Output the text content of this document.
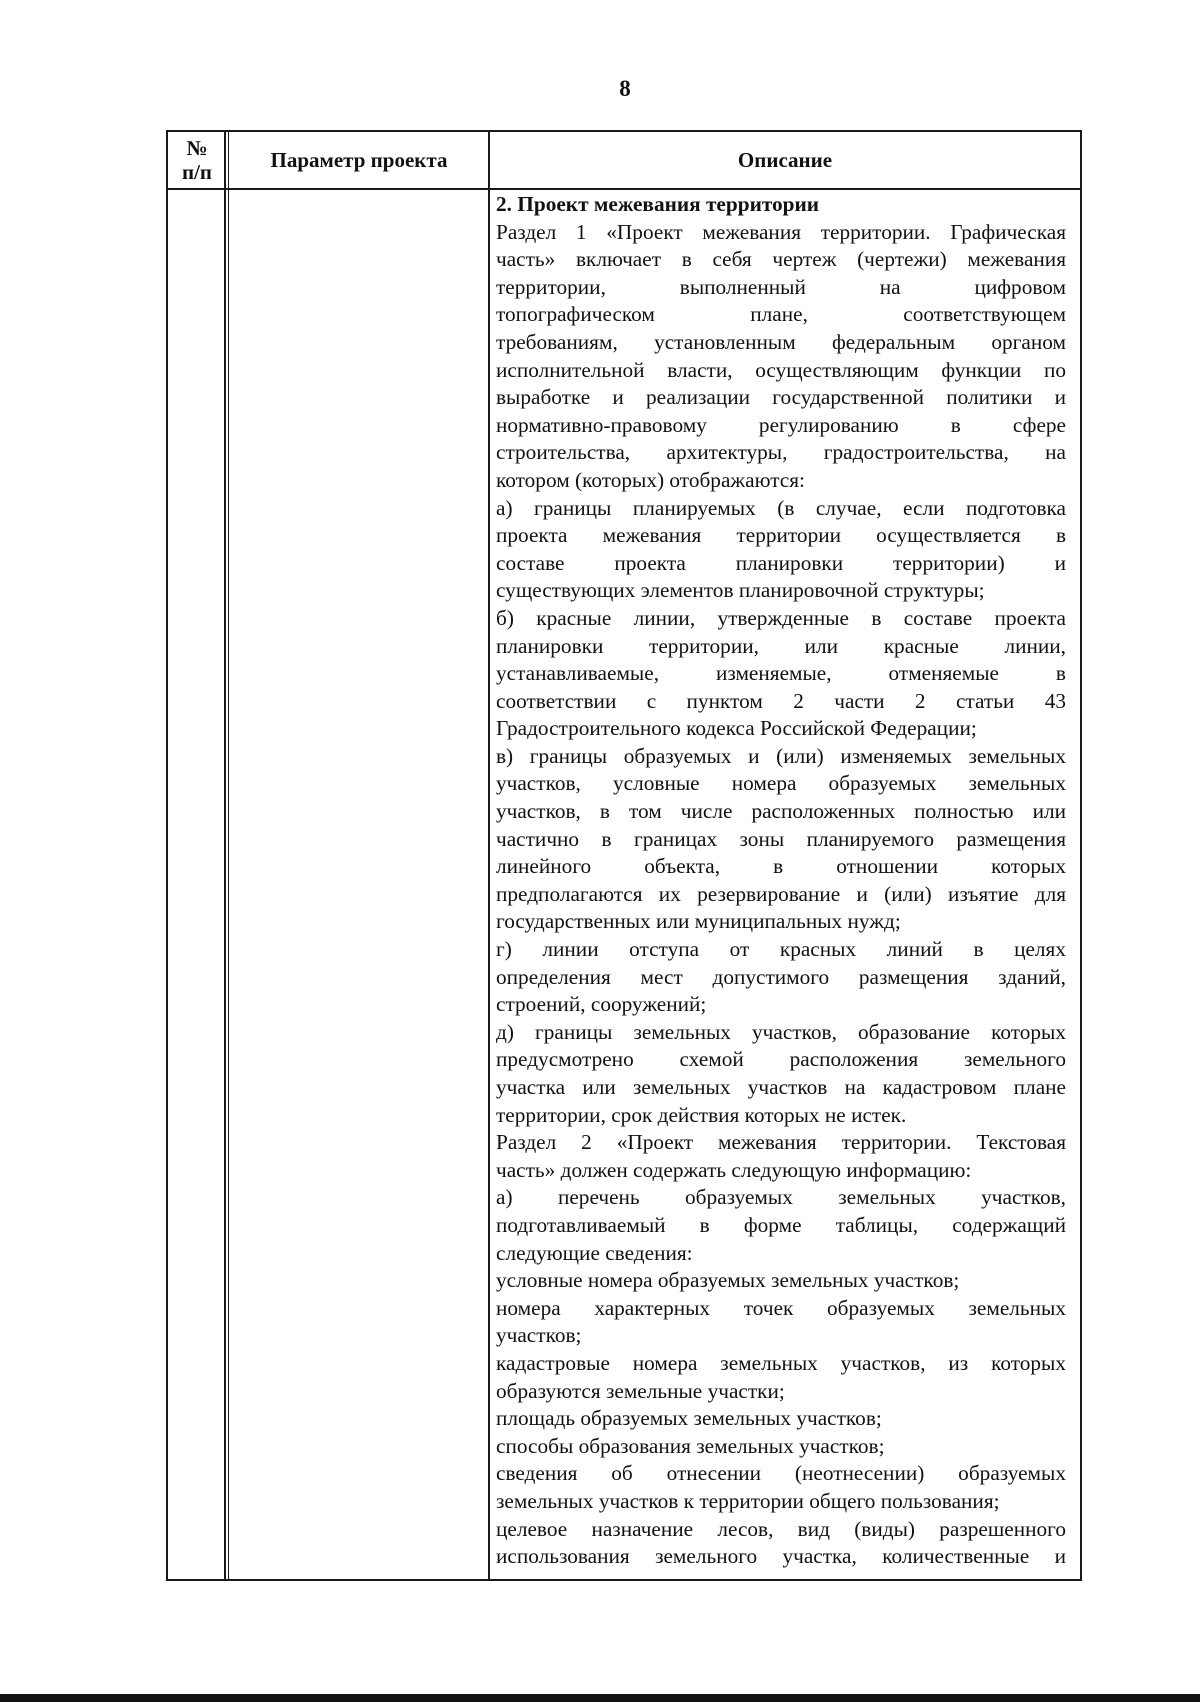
8
№
п/п	Параметр проекта	Описание
2. Проект межевания территории
Раздел 1 «Проект межевания территории. Графическая
часть» включает в себя чертеж (чертежи) межевания
территории, выполненный на цифровом
топографическом плане, соответствующем
требованиям, установленным федеральным органом
исполнительной власти, осуществляющим функции по
выработке и реализации государственной политики и
нормативно-правовому регулированию в сфере
строительства, архитектуры, градостроительства, на
котором (которых) отображаются:
а) границы планируемых (в случае, если подготовка
проекта межевания территории осуществляется в
составе проекта планировки территории) и
существующих элементов планировочной структуры;
б) красные линии, утвержденные в составе проекта
планировки территории, или красные линии,
устанавливаемые, изменяемые, отменяемые в
соответствии с пунктом 2 части 2 статьи 43
Градостроительного кодекса Российской Федерации;
в) границы образуемых и (или) изменяемых земельных
участков, условные номера образуемых земельных
участков, в том числе расположенных полностью или
частично в границах зоны планируемого размещения
линейного объекта, в отношении которых
предполагаются их резервирование и (или) изъятие для
государственных или муниципальных нужд;
г) линии отступа от красных линий в целях
определения мест допустимого размещения зданий,
строений, сооружений;
д) границы земельных участков, образование которых
предусмотрено схемой расположения земельного
участка или земельных участков на кадастровом плане
территории, срок действия которых не истек.
Раздел 2 «Проект межевания территории. Текстовая
часть» должен содержать следующую информацию:
а) перечень образуемых земельных участков,
подготавливаемый в форме таблицы, содержащий
следующие сведения:
условные номера образуемых земельных участков;
номера характерных точек образуемых земельных
участков;
кадастровые номера земельных участков, из которых
образуются земельные участки;
площадь образуемых земельных участков;
способы образования земельных участков;
сведения об отнесении (неотнесении) образуемых
земельных участков к территории общего пользования;
целевое назначение лесов, вид (виды) разрешенного
использования земельного участка, количественные и
